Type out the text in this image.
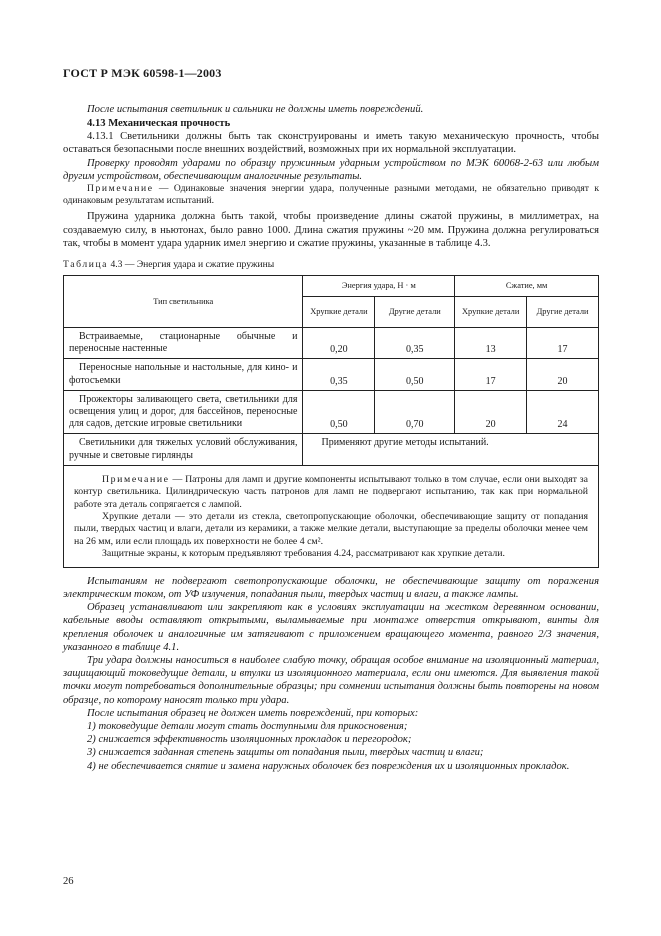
ГОСТ Р МЭК 60598-1—2003

После испытания светильник и сальники не должны иметь повреждений.

4.13 Механическая прочность

4.13.1 Светильники должны быть так сконструированы и иметь такую механическую прочность, чтобы оставаться безопасными после внешних воздействий, возможных при их нормальной эксплуатации.

Проверку проводят ударами по образцу пружинным ударным устройством по МЭК 60068-2-63 или любым другим устройством, обеспечивающим аналогичные результаты.

Примечание — Одинаковые значения энергии удара, полученные разными методами, не обязательно приводят к одинаковым результатам испытаний.

Пружина ударника должна быть такой, чтобы произведение длины сжатой пружины, в миллиметрах, на создаваемую силу, в ньютонах, было равно 1000. Длина сжатия пружины ~20 мм. Пружина должна регулироваться так, чтобы в момент удара ударник имел энергию и сжатие пружины, указанные в таблице 4.3.

Таблица 4.3 — Энергия удара и сжатие пружины
Тип светильника	Энергия удара, Н · м		Сжатие, мм	
	Хрупкие детали	Другие детали	Хрупкие детали	Другие детали
Встраиваемые, стационарные обычные и переносные настенные	0,20	0,35	13	17
Переносные напольные и настольные, для кино- и фотосъемки	0,35	0,50	17	20
Прожекторы заливающего света, светильники для освещения улиц и дорог, для бассейнов, переносные для садов, детские игровые светильники	0,50	0,70	20	24
Светильники для тяжелых условий обслуживания, ручные и световые гирлянды	Применяют другие методы испытаний.			

Примечание — Патроны для ламп и другие компоненты испытывают только в том случае, если они выходят за контур светильника. Цилиндрическую часть патронов для ламп не подвергают испытанию, так как при нормальной работе эта деталь сопрягается с лампой.

Хрупкие детали — это детали из стекла, светопропускающие оболочки, обеспечивающие защиту от попадания пыли, твердых частиц и влаги, детали из керамики, а также мелкие детали, выступающие за пределы оболочки менее чем на 26 мм, или если площадь их поверхности не более 4 см².

Защитные экраны, к которым предъявляют требования 4.24, рассматривают как хрупкие детали.				

Испытаниям не подвергают светопропускающие оболочки, не обеспечивающие защиту от поражения электрическим током, от УФ излучения, попадания пыли, твердых частиц и влаги, а также лампы.

Образец устанавливают или закрепляют как в условиях эксплуатации на жестком деревянном основании, кабельные вводы оставляют открытыми, выламываемые при монтаже отверстия открывают, винты для крепления оболочек и аналогичные им затягивают с приложением вращающего момента, равного 2/3 значения, указанного в таблице 4.1.

Три удара должны наноситься в наиболее слабую точку, обращая особое внимание на изоляционный материал, защищающий токоведущие детали, и втулки из изоляционного материала, если они имеются. Для выявления такой точки могут потребоваться дополнительные образцы; при сомнении испытания должны быть повторены на новом образце, по которому наносят только три удара.

После испытания образец не должен иметь повреждений, при которых:

1) токоведущие детали могут стать доступными для прикосновения;

2) снижается эффективность изоляционных прокладок и перегородок;

3) снижается заданная степень защиты от попадания пыли, твердых частиц и влаги;

4) не обеспечивается снятие и замена наружных оболочек без повреждения их и изоляционных прокладок.

26
